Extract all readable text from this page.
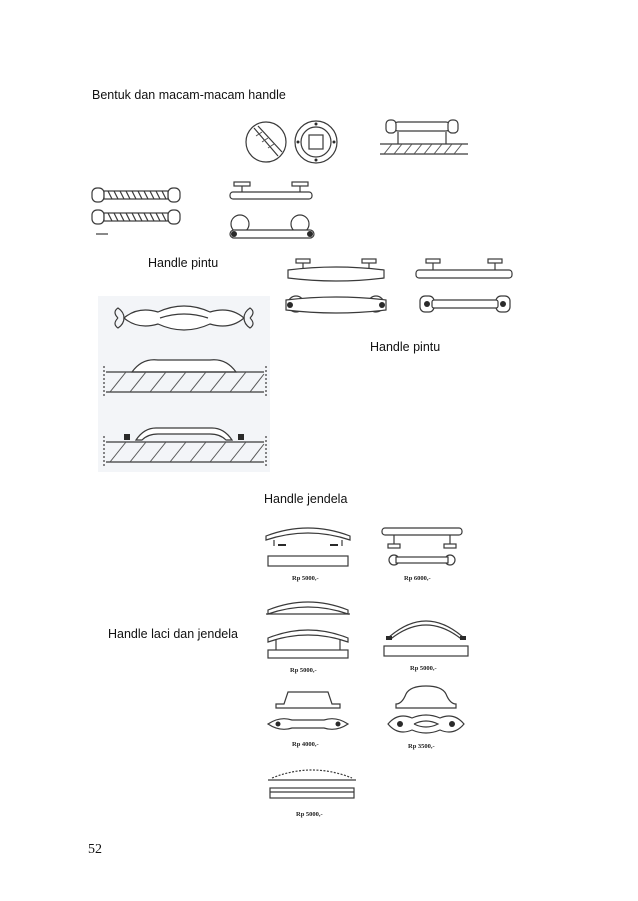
Bentuk dan macam-macam handle
Handle pintu
Handle pintu
Handle jendela
Rp 5000,-	Rp 6000,-
Rp 5000,-	Rp 5000,-
Handle laci dan jendela
Rp 4000,-	Rp 3500,-
Rp 5000,-
52
